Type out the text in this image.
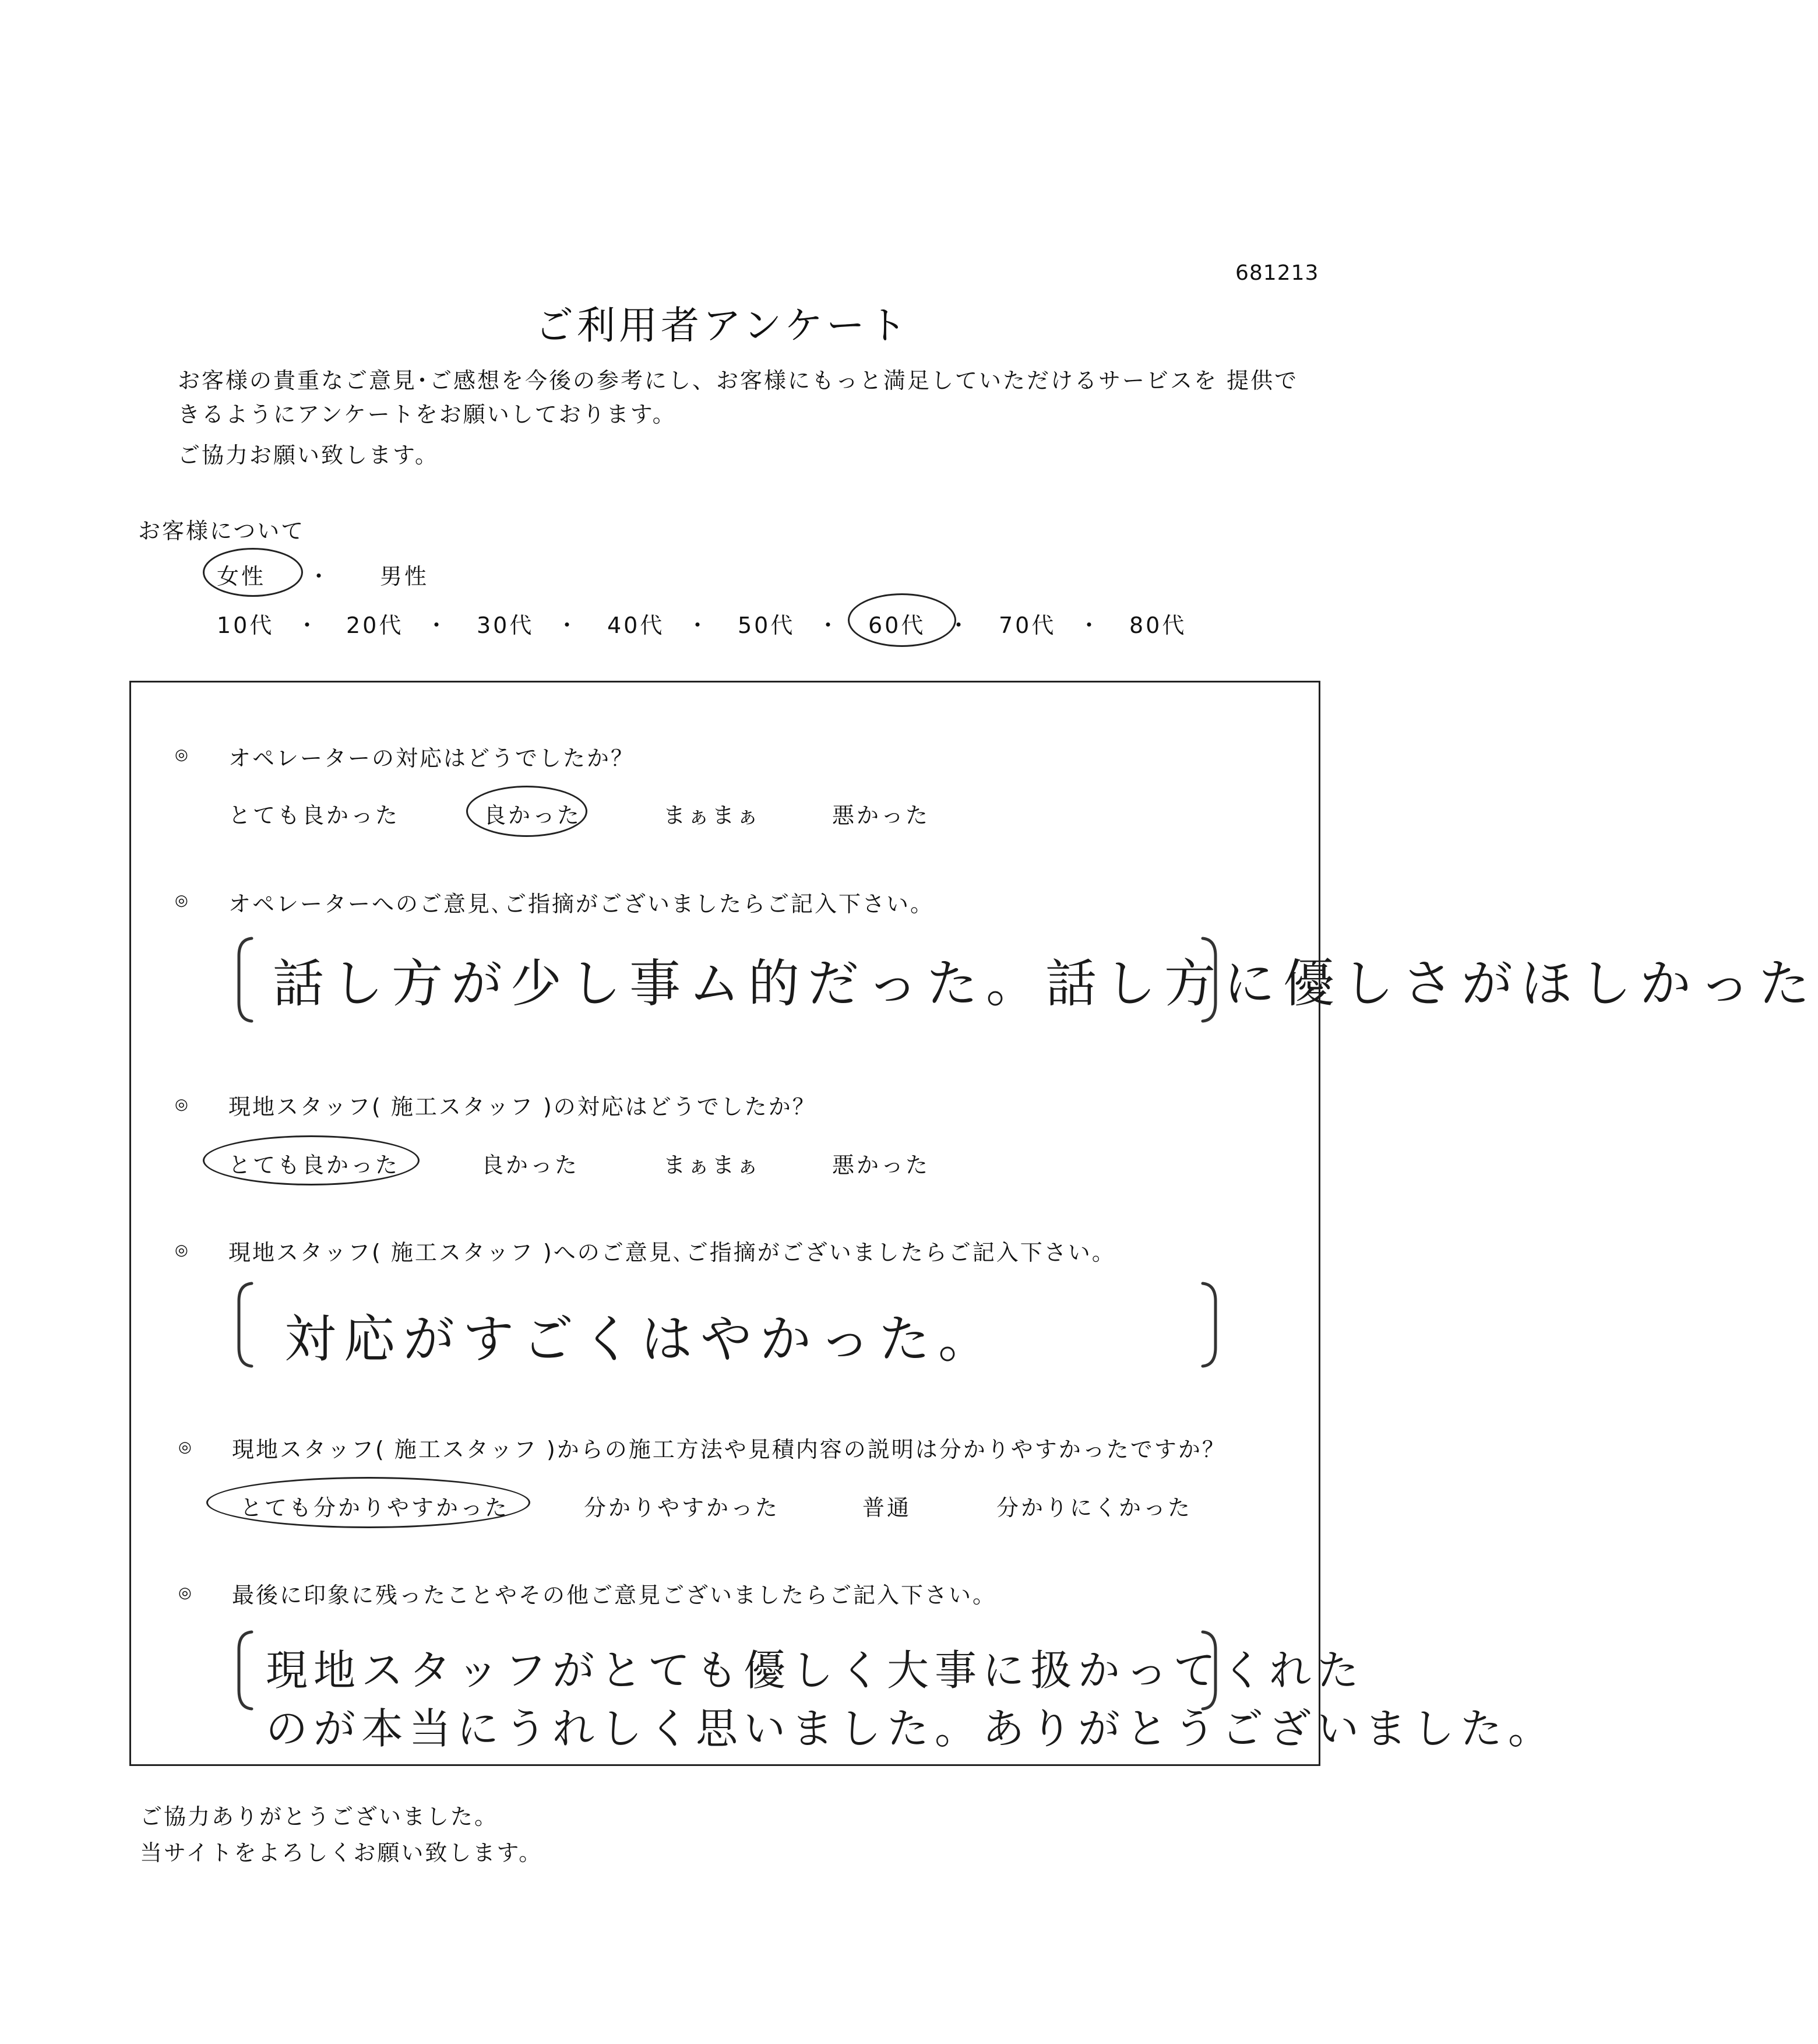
681213
ご利用者アンケート
お客様の貴重なご意見･ご感想を今後の参考にし、お客様にもっと満足していただけるサービスを 提供で
きるようにアンケートをお願いしております。
ご協力お願い致します。
お客様について
女性 ・ 男性
10代 ・ 20代 ・ 30代 ・ 40代 ・ 50代 ・ 60代 ・ 70代 ・ 80代
◎ オペレーターの対応はどうでしたか？
とても良かった	良かった	まぁまぁ	悪かった
◎ オペレーターへのご意見､ご指摘がございましたらご記入下さい。
話し方が少し事ム的だった。話し方に優しさがほしかった
◎ 現地スタッフ( 施工スタッフ )の対応はどうでしたか？
とても良かった	良かった	まぁまぁ	悪かった
◎ 現地スタッフ( 施工スタッフ )へのご意見､ご指摘がございましたらご記入下さい。
対応がすごくはやかった。
◎ 現地スタッフ( 施工スタッフ )からの施工方法や見積内容の説明は分かりやすかったですか？
とても分かりやすかった	分かりやすかった	普通	分かりにくかった
◎ 最後に印象に残ったことやその他ご意見ございましたらご記入下さい。
現地スタッフがとても優しく大事に扱かってくれた
のが本当にうれしく思いました。ありがとうございました。
ご協力ありがとうございました。
当サイトをよろしくお願い致します。
